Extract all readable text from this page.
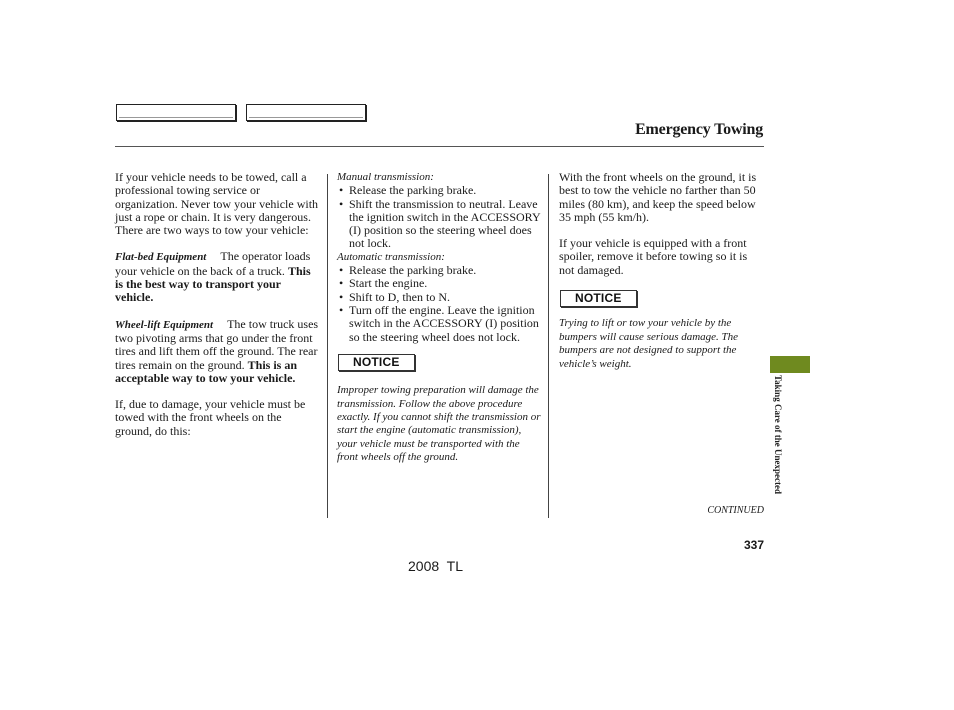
Emergency Towing

If your vehicle needs to be towed, call a professional towing service or organization. Never tow your vehicle with just a rope or chain. It is very dangerous.

There are two ways to tow your vehicle:

Flat-bed Equipment The operator loads your vehicle on the back of a truck. This is the best way to transport your vehicle.

Wheel-lift Equipment The tow truck uses two pivoting arms that go under the front tires and lift them off the ground. The rear tires remain on the ground. This is an acceptable way to tow your vehicle.

If, due to damage, your vehicle must be towed with the front wheels on the ground, do this:

Manual transmission:

• Release the parking brake.
• Shift the transmission to neutral. Leave the ignition switch in the ACCESSORY (I) position so the steering wheel does not lock.

Automatic transmission:

• Release the parking brake.
• Start the engine.
• Shift to D, then to N.
• Turn off the engine. Leave the ignition switch in the ACCESSORY (I) position so the steering wheel does not lock.
NOTICE

Improper towing preparation will damage the transmission. Follow the above procedure exactly. If you cannot shift the transmission or start the engine (automatic transmission), your vehicle must be transported with the front wheels off the ground.

With the front wheels on the ground, it is best to tow the vehicle no farther than 50 miles (80 km), and keep the speed below 35 mph (55 km/h).

If your vehicle is equipped with a front spoiler, remove it before towing so it is not damaged.

NOTICE

Trying to lift or tow your vehicle by the bumpers will cause serious damage. The bumpers are not designed to support the vehicle’s weight.

Taking Care of the Unexpected
CONTINUED
337
2008  TL
